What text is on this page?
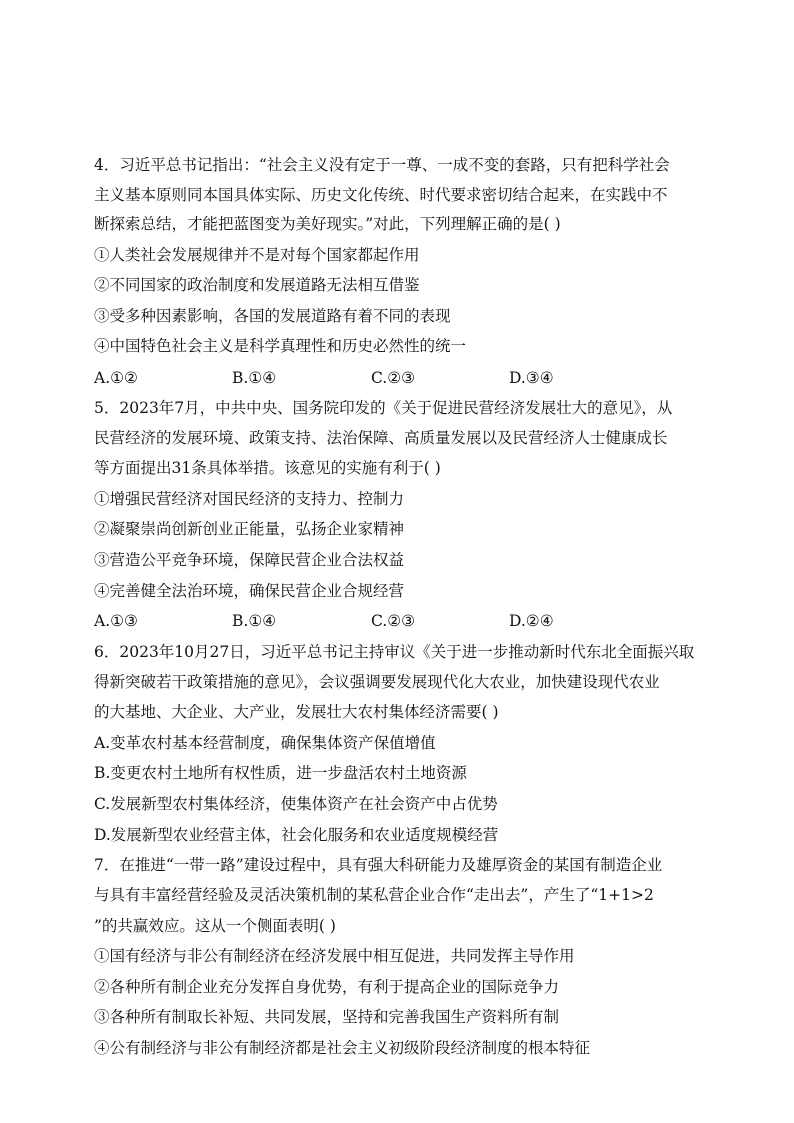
4．习近平总书记指出：“社会主义没有定于一尊、一成不变的套路，只有把科学社会
主义基本原则同本国具体实际、历史文化传统、时代要求密切结合起来，在实践中不
断探索总结，才能把蓝图变为美好现实。”对此，下列理解正确的是( )
①人类社会发展规律并不是对每个国家都起作用
②不同国家的政治制度和发展道路无法相互借鉴
③受多种因素影响，各国的发展道路有着不同的表现
④中国特色社会主义是科学真理性和历史必然性的统一
A.①②	B.①④	C.②③	D.③④
5．2023年7月，中共中央、国务院印发的《关于促进民营经济发展壮大的意见》，从
民营经济的发展环境、政策支持、法治保障、高质量发展以及民营经济人士健康成长
等方面提出31条具体举措。该意见的实施有利于( )
①增强民营经济对国民经济的支持力、控制力
②凝聚崇尚创新创业正能量，弘扬企业家精神
③营造公平竞争环境，保障民营企业合法权益
④完善健全法治环境，确保民营企业合规经营
A.①③	B.①④	C.②③	D.②④
6．2023年10月27日，习近平总书记主持审议《关于进一步推动新时代东北全面振兴取
得新突破若干政策措施的意见》，会议强调要发展现代化大农业，加快建设现代农业
的大基地、大企业、大产业，发展壮大农村集体经济需要( )
A.变革农村基本经营制度，确保集体资产保值增值
B.变更农村土地所有权性质，进一步盘活农村土地资源
C.发展新型农村集体经济，使集体资产在社会资产中占优势
D.发展新型农业经营主体，社会化服务和农业适度规模经营
7．在推进“一带一路”建设过程中，具有强大科研能力及雄厚资金的某国有制造企业
与具有丰富经营经验及灵活决策机制的某私营企业合作“走出去”，产生了“1+1>2
”的共赢效应。这从一个侧面表明( )
①国有经济与非公有制经济在经济发展中相互促进，共同发挥主导作用
②各种所有制企业充分发挥自身优势，有利于提高企业的国际竞争力
③各种所有制取长补短、共同发展，坚持和完善我国生产资料所有制
④公有制经济与非公有制经济都是社会主义初级阶段经济制度的根本特征
